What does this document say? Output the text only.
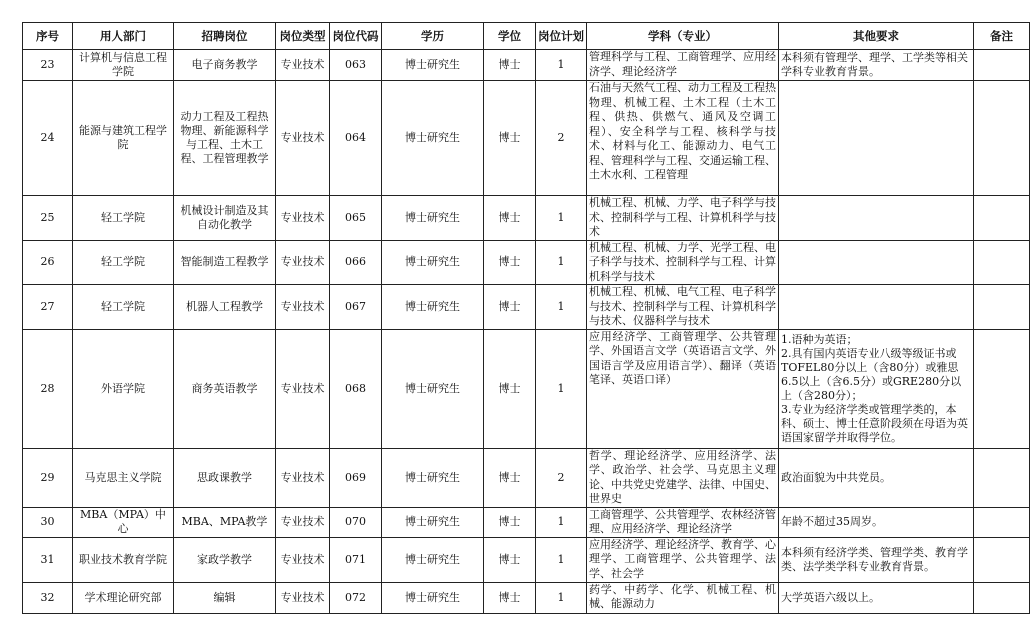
序号	用人部门	招聘岗位	岗位类型	岗位代码	学历	学位	岗位计划	学科（专业）	其他要求	备注
23	计算机与信息工程学院	电子商务教学	专业技术	063	博士研究生	博士	1	管理科学与工程、工商管理学、应用经济学、理论经济学	本科须有管理学、理学、工学类等相关学科专业教育背景。	
24	能源与建筑工程学院	动力工程及工程热物理、新能源科学与工程、土木工程、工程管理教学	专业技术	064	博士研究生	博士	2	石油与天然气工程、动力工程及工程热物理、机械工程、土木工程（土木工程、供热、供燃气、通风及空调工程）、安全科学与工程、核科学与技术、材料与化工、能源动力、电气工程、管理科学与工程、交通运输工程、土木水利、工程管理		
25	轻工学院	机械设计制造及其自动化教学	专业技术	065	博士研究生	博士	1	机械工程、机械、力学、电子科学与技术、控制科学与工程、计算机科学与技术		
26	轻工学院	智能制造工程教学	专业技术	066	博士研究生	博士	1	机械工程、机械、力学、光学工程、电子科学与技术、控制科学与工程、计算机科学与技术		
27	轻工学院	机器人工程教学	专业技术	067	博士研究生	博士	1	机械工程、机械、电气工程、电子科学与技术、控制科学与工程、计算机科学与技术、仪器科学与技术		
28	外语学院	商务英语教学	专业技术	068	博士研究生	博士	1	应用经济学、工商管理学、公共管理学、外国语言文学（英语语言文学、外国语言学及应用语言学）、翻译（英语笔译、英语口译）	1.语种为英语；
2.具有国内英语专业八级等级证书或TOFEL80分以上（含80分）或雅思6.5以上（含6.5分）或GRE280分以上（含280分）；
3.专业为经济学类或管理学类的，本科、硕士、博士任意阶段须在母语为英语国家留学并取得学位。	
29	马克思主义学院	思政课教学	专业技术	069	博士研究生	博士	2	哲学、理论经济学、应用经济学、法学、政治学、社会学、马克思主义理论、中共党史党建学、法律、中国史、世界史	政治面貌为中共党员。	
30	MBA（MPA）中心	MBA、MPA教学	专业技术	070	博士研究生	博士	1	工商管理学、公共管理学、农林经济管理、应用经济学、理论经济学	年龄不超过35周岁。	
31	职业技术教育学院	家政学教学	专业技术	071	博士研究生	博士	1	应用经济学、理论经济学、教育学、心理学、工商管理学、公共管理学、法学、社会学	本科须有经济学类、管理学类、教育学类、法学类学科专业教育背景。	
32	学术理论研究部	编辑	专业技术	072	博士研究生	博士	1	药学、中药学、化学、机械工程、机械、能源动力	大学英语六级以上。	
